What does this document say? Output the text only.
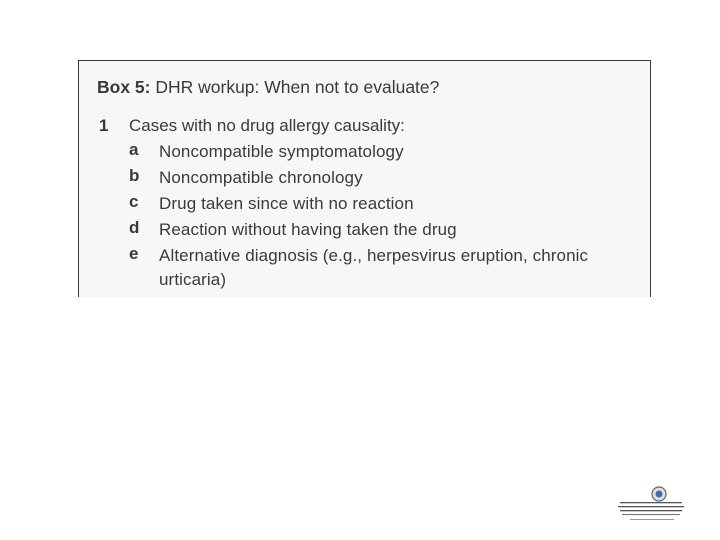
Box 5: DHR workup: When not to evaluate?
1 Cases with no drug allergy causality:
a Noncompatible symptomatology
b Noncompatible chronology
c Drug taken since with no reaction
d Reaction without having taken the drug
e Alternative diagnosis (e.g., herpesvirus eruption, chronic urticaria)
